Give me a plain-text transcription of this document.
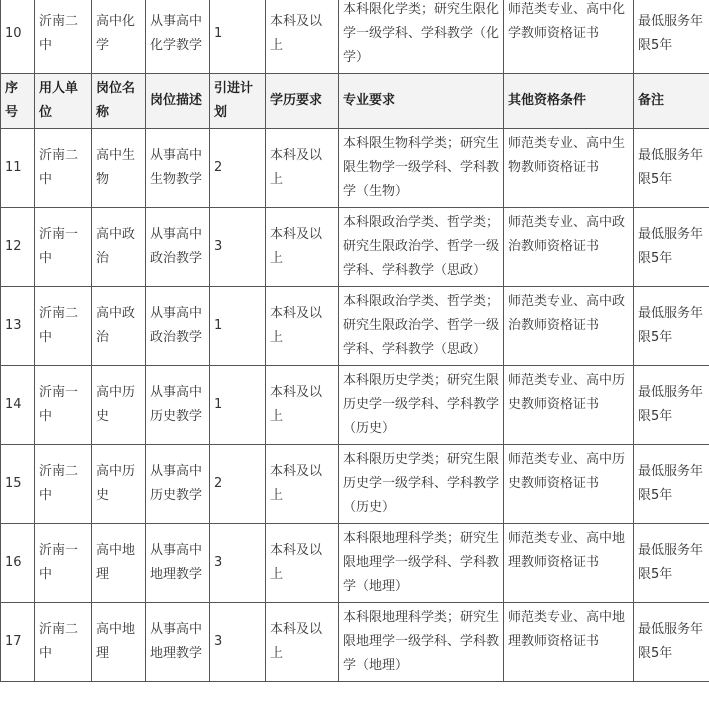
10	沂南二中	高中化学	从事高中化学教学	1	本科及以上	本科限化学类；研究生限化学一级学科、学科教学（化学）	师范类专业、高中化学教师资格证书	最低服务年限5年
序号	用人单位	岗位名称	岗位描述	引进计划	学历要求	专业要求	其他资格条件	备注
11	沂南二中	高中生物	从事高中生物教学	2	本科及以上	本科限生物科学类；研究生限生物学一级学科、学科教学（生物）	师范类专业、高中生物教师资格证书	最低服务年限5年
12	沂南一中	高中政治	从事高中政治教学	3	本科及以上	本科限政治学类、哲学类；研究生限政治学、哲学一级学科、学科教学（思政）	师范类专业、高中政治教师资格证书	最低服务年限5年
13	沂南二中	高中政治	从事高中政治教学	1	本科及以上	本科限政治学类、哲学类；研究生限政治学、哲学一级学科、学科教学（思政）	师范类专业、高中政治教师资格证书	最低服务年限5年
14	沂南一中	高中历史	从事高中历史教学	1	本科及以上	本科限历史学类；研究生限历史学一级学科、学科教学（历史）	师范类专业、高中历史教师资格证书	最低服务年限5年
15	沂南二中	高中历史	从事高中历史教学	2	本科及以上	本科限历史学类；研究生限历史学一级学科、学科教学（历史）	师范类专业、高中历史教师资格证书	最低服务年限5年
16	沂南一中	高中地理	从事高中地理教学	3	本科及以上	本科限地理科学类；研究生限地理学一级学科、学科教学（地理）	师范类专业、高中地理教师资格证书	最低服务年限5年
17	沂南二中	高中地理	从事高中地理教学	3	本科及以上	本科限地理科学类；研究生限地理学一级学科、学科教学（地理）	师范类专业、高中地理教师资格证书	最低服务年限5年
